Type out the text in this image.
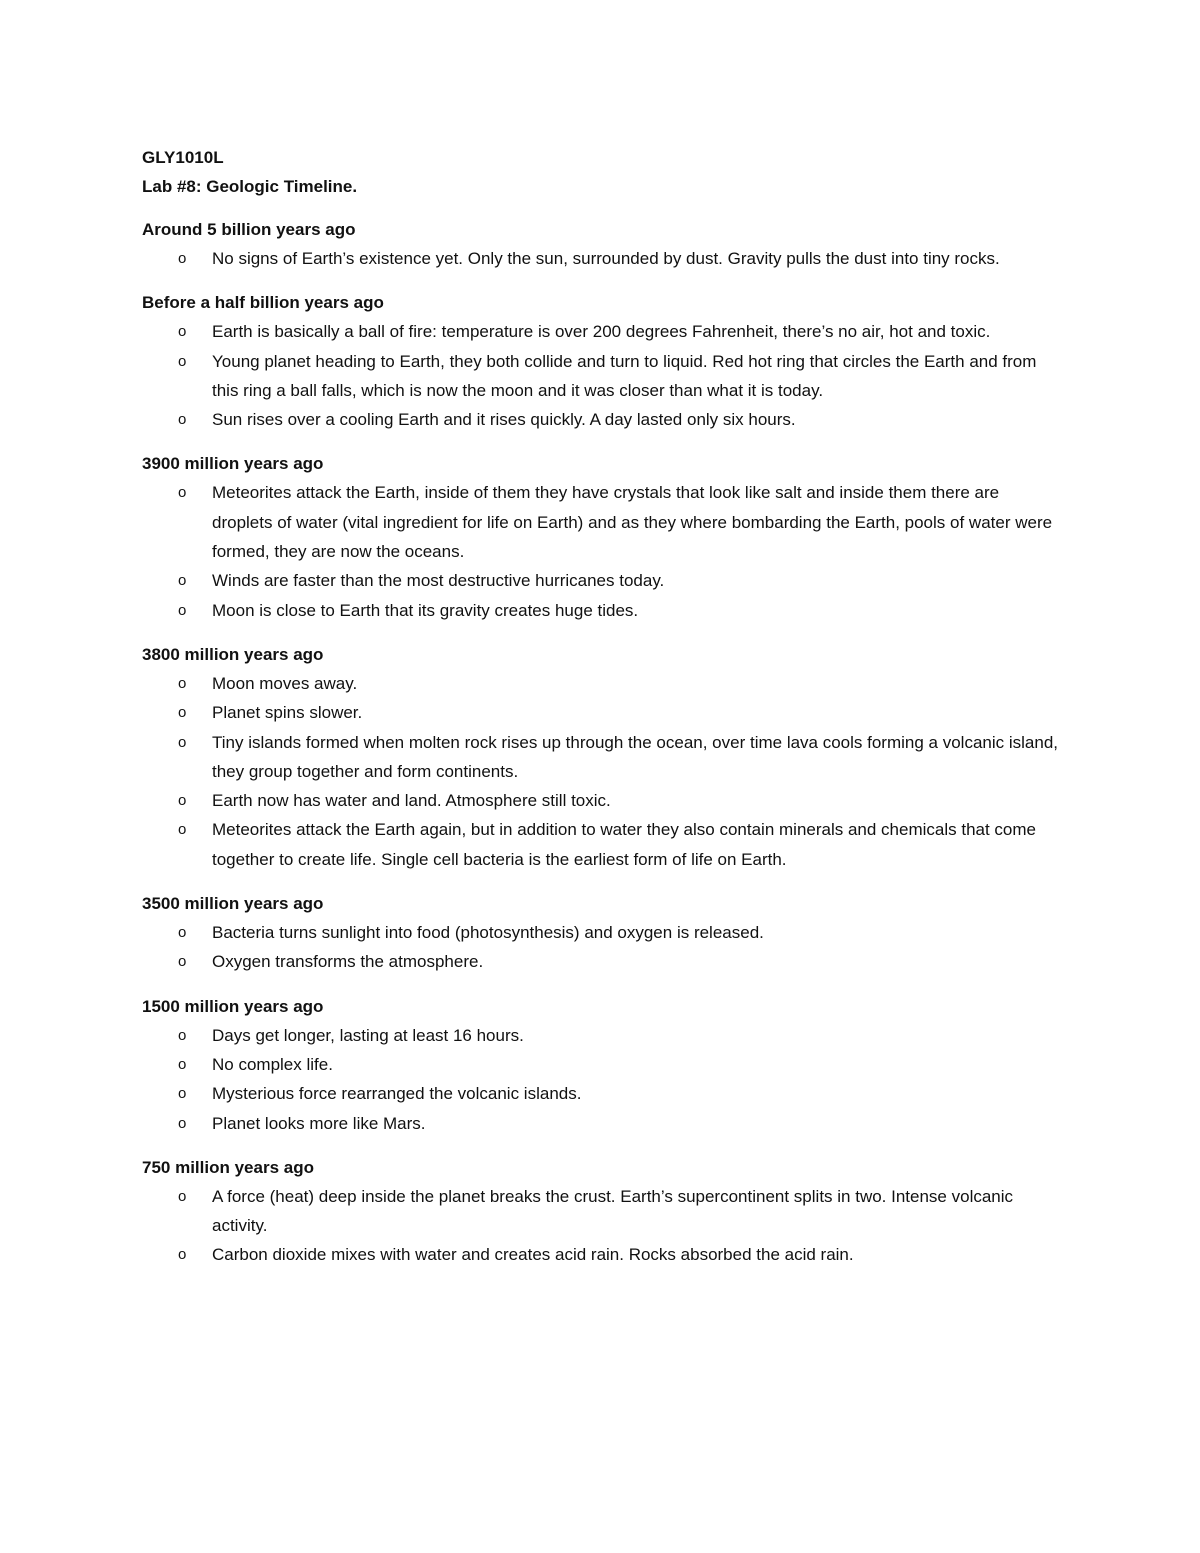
GLY1010L

Lab #8: Geologic Timeline.

Around 5 billion years ago

o No signs of Earth’s existence yet. Only the sun, surrounded by dust. Gravity pulls the dust into tiny rocks.

Before a half billion years ago

o Earth is basically a ball of fire: temperature is over 200 degrees Fahrenheit, there’s no air, hot and toxic.
o Young planet heading to Earth, they both collide and turn to liquid. Red hot ring that circles the Earth and from this ring a ball falls, which is now the moon and it was closer than what it is today.
o Sun rises over a cooling Earth and it rises quickly. A day lasted only six hours.

3900 million years ago

o Meteorites attack the Earth, inside of them they have crystals that look like salt and inside them there are droplets of water (vital ingredient for life on Earth) and as they where bombarding the Earth, pools of water were formed, they are now the oceans.
o Winds are faster than the most destructive hurricanes today.
o Moon is close to Earth that its gravity creates huge tides.

3800 million years ago

o Moon moves away.
o Planet spins slower.
o Tiny islands formed when molten rock rises up through the ocean, over time lava cools forming a volcanic island, they group together and form continents.
o Earth now has water and land. Atmosphere still toxic.
o Meteorites attack the Earth again, but in addition to water they also contain minerals and chemicals that come together to create life. Single cell bacteria is the earliest form of life on Earth.

3500 million years ago

o Bacteria turns sunlight into food (photosynthesis) and oxygen is released.
o Oxygen transforms the atmosphere.

1500 million years ago

o Days get longer, lasting at least 16 hours.
o No complex life.
o Mysterious force rearranged the volcanic islands.
o Planet looks more like Mars.

750 million years ago

o A force (heat) deep inside the planet breaks the crust. Earth’s supercontinent splits in two. Intense volcanic activity.
o Carbon dioxide mixes with water and creates acid rain. Rocks absorbed the acid rain.
